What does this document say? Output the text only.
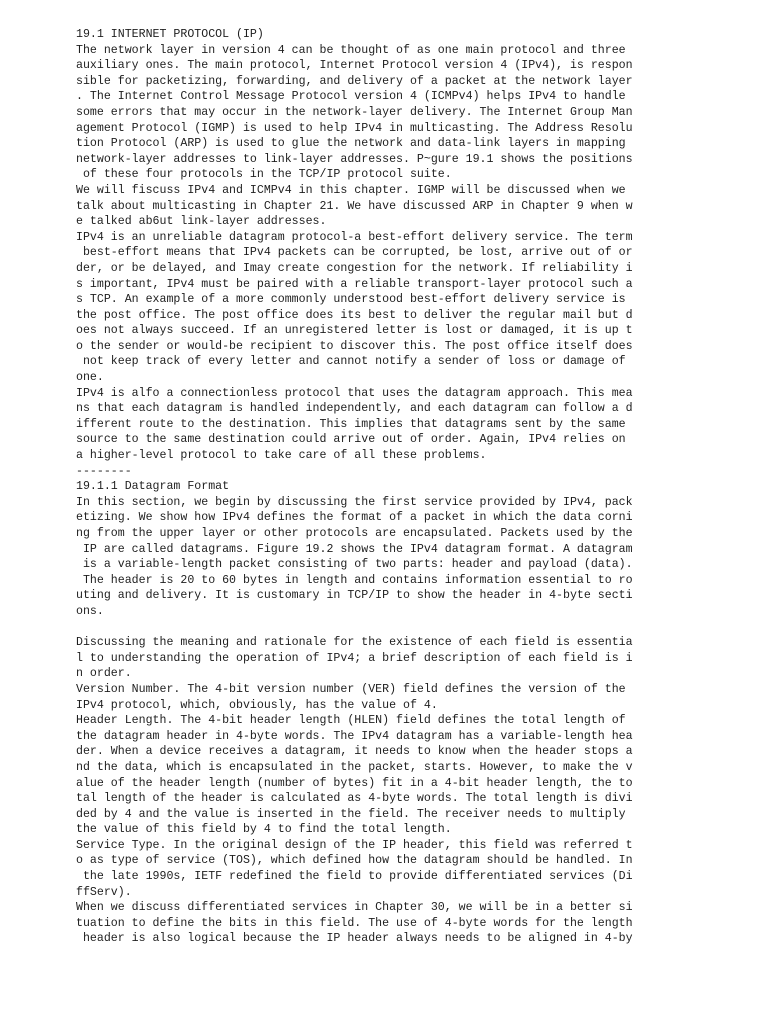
19.1 INTERNET PROTOCOL (IP)
The network layer in version 4 can be thought of as one main protocol and three
auxiliary ones. The main protocol, Internet Protocol version 4 (IPv4), is respon
sible for packetizing, forwarding, and delivery of a packet at the network layer
. The Internet Control Message Protocol version 4 (ICMPv4) helps IPv4 to handle
some errors that may occur in the network-layer delivery. The Internet Group Man
agement Protocol (IGMP) is used to help IPv4 in multicasting. The Address Resolu
tion Protocol (ARP) is used to glue the network and data-link layers in mapping
network-layer addresses to link-layer addresses. P~gure 19.1 shows the positions
of these four protocols in the TCP/IP protocol suite.
We will fiscuss IPv4 and ICMPv4 in this chapter. IGMP will be discussed when we
talk about multicasting in Chapter 21. We have discussed ARP in Chapter 9 when w
e talked ab6ut link-layer addresses.
IPv4 is an unreliable datagram protocol-a best-effort delivery service. The term
best-effort means that IPv4 packets can be corrupted, be lost, arrive out of or
der, or be delayed, and Imay create congestion for the network. If reliability i
s important, IPv4 must be paired with a reliable transport-layer protocol such a
s TCP. An example of a more commonly understood best-effort delivery service is
the post office. The post office does its best to deliver the regular mail but d
oes not always succeed. If an unregistered letter is lost or damaged, it is up t
o the sender or would-be recipient to discover this. The post office itself does
not keep track of every letter and cannot notify a sender of loss or damage of
one.
IPv4 is alfo a connectionless protocol that uses the datagram approach. This mea
ns that each datagram is handled independently, and each datagram can follow a d
ifferent route to the destination. This implies that datagrams sent by the same
source to the same destination could arrive out of order. Again, IPv4 relies on
a higher-level protocol to take care of all these problems.
--------
19.1.1 Datagram Format
In this section, we begin by discussing the first service provided by IPv4, pack
etizing. We show how IPv4 defines the format of a packet in which the data corni
ng from the upper layer or other protocols are encapsulated. Packets used by the
IP are called datagrams. Figure 19.2 shows the IPv4 datagram format. A datagram
is a variable-length packet consisting of two parts: header and payload (data).
The header is 20 to 60 bytes in length and contains information essential to ro
uting and delivery. It is customary in TCP/IP to show the header in 4-byte secti
ons.
Discussing the meaning and rationale for the existence of each field is essentia
l to understanding the operation of IPv4; a brief description of each field is i
n order.
Version Number. The 4-bit version number (VER) field defines the version of the
IPv4 protocol, which, obviously, has the value of 4.
Header Length. The 4-bit header length (HLEN) field defines the total length of
the datagram header in 4-byte words. The IPv4 datagram has a variable-length hea
der. When a device receives a datagram, it needs to know when the header stops a
nd the data, which is encapsulated in the packet, starts. However, to make the v
alue of the header length (number of bytes) fit in a 4-bit header length, the to
tal length of the header is calculated as 4-byte words. The total length is divi
ded by 4 and the value is inserted in the field. The receiver needs to multiply
the value of this field by 4 to find the total length.
Service Type. In the original design of the IP header, this field was referred t
o as type of service (TOS), which defined how the datagram should be handled. In
the late 1990s, IETF redefined the field to provide differentiated services (Di
ffServ).
When we discuss differentiated services in Chapter 30, we will be in a better si
tuation to define the bits in this field. The use of 4-byte words for the length
header is also logical because the IP header always needs to be aligned in 4-by
